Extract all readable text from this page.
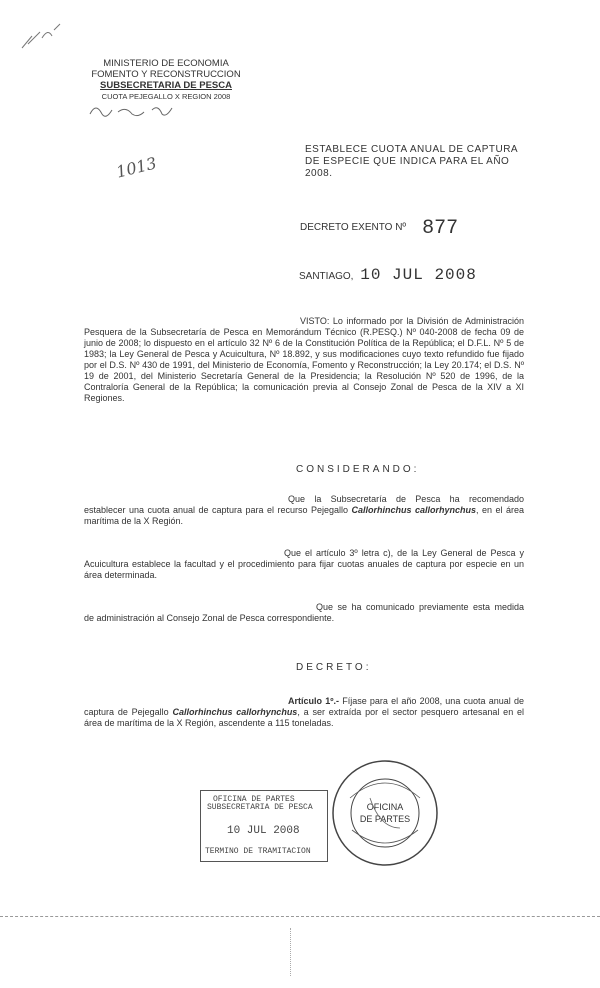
MINISTERIO DE ECONOMIA
FOMENTO Y RECONSTRUCCION
SUBSECRETARIA DE PESCA
CUOTA PEJEGALLO X REGION 2008
1013
ESTABLECE CUOTA ANUAL DE CAPTURA DE ESPECIE QUE INDICA PARA EL AÑO 2008.
DECRETO EXENTO Nº 877
SANTIAGO, 10 JUL 2008
VISTO: Lo informado por la División de Administración Pesquera de la Subsecretaría de Pesca en Memorándum Técnico (R.PESQ.) Nº 040-2008 de fecha 09 de junio de 2008; lo dispuesto en el artículo 32 Nº 6 de la Constitución Política de la República; el D.F.L. Nº 5 de 1983; la Ley General de Pesca y Acuicultura, Nº 18.892, y sus modificaciones cuyo texto refundido fue fijado por el D.S. Nº 430 de 1991, del Ministerio de Economía, Fomento y Reconstrucción; la Ley 20.174; el D.S. Nº 19 de 2001, del Ministerio Secretaría General de la Presidencia; la Resolución Nº 520 de 1996, de la Contraloría General de la República; la comunicación previa al Consejo Zonal de Pesca de la XIV a XI Regiones.
CONSIDERANDO:
Que la Subsecretaría de Pesca ha recomendado establecer una cuota anual de captura para el recurso Pejegallo Callorhinchus callorhynchus, en el área marítima de la X Región.
Que el artículo 3º letra c), de la Ley General de Pesca y Acuicultura establece la facultad y el procedimiento para fijar cuotas anuales de captura por especie en un área determinada.
Que se ha comunicado previamente esta medida de administración al Consejo Zonal de Pesca correspondiente.
DECRETO:
Artículo 1º.- Fíjase para el año 2008, una cuota anual de captura de Pejegallo Callorhinchus callorhynchus, a ser extraída por el sector pesquero artesanal en el área de marítima de la X Región, ascendente a 115 toneladas.
OFICINA DE PARTES
SUBSECRETARIA DE PESCA
10 JUL 2008
TERMINO DE TRAMITACION
OFICINA
DE PARTES
